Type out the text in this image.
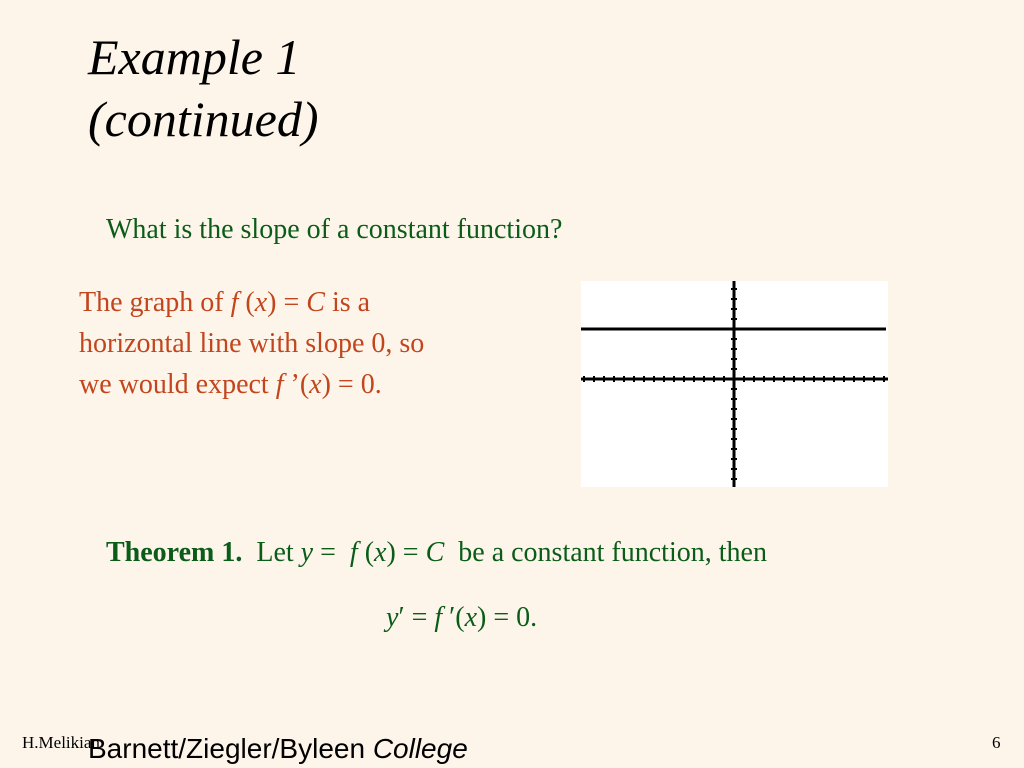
Example 1
(continued)
What is the slope of a constant function?
The graph of f (x) = C is a
horizontal line with slope 0, so
we would expect f ’(x) = 0.
Theorem 1.  Let y =  f (x) = C  be a constant function, then
y′ = f ′(x) = 0.
H.Melikian
Barnett/Ziegler/Byleen College	6
